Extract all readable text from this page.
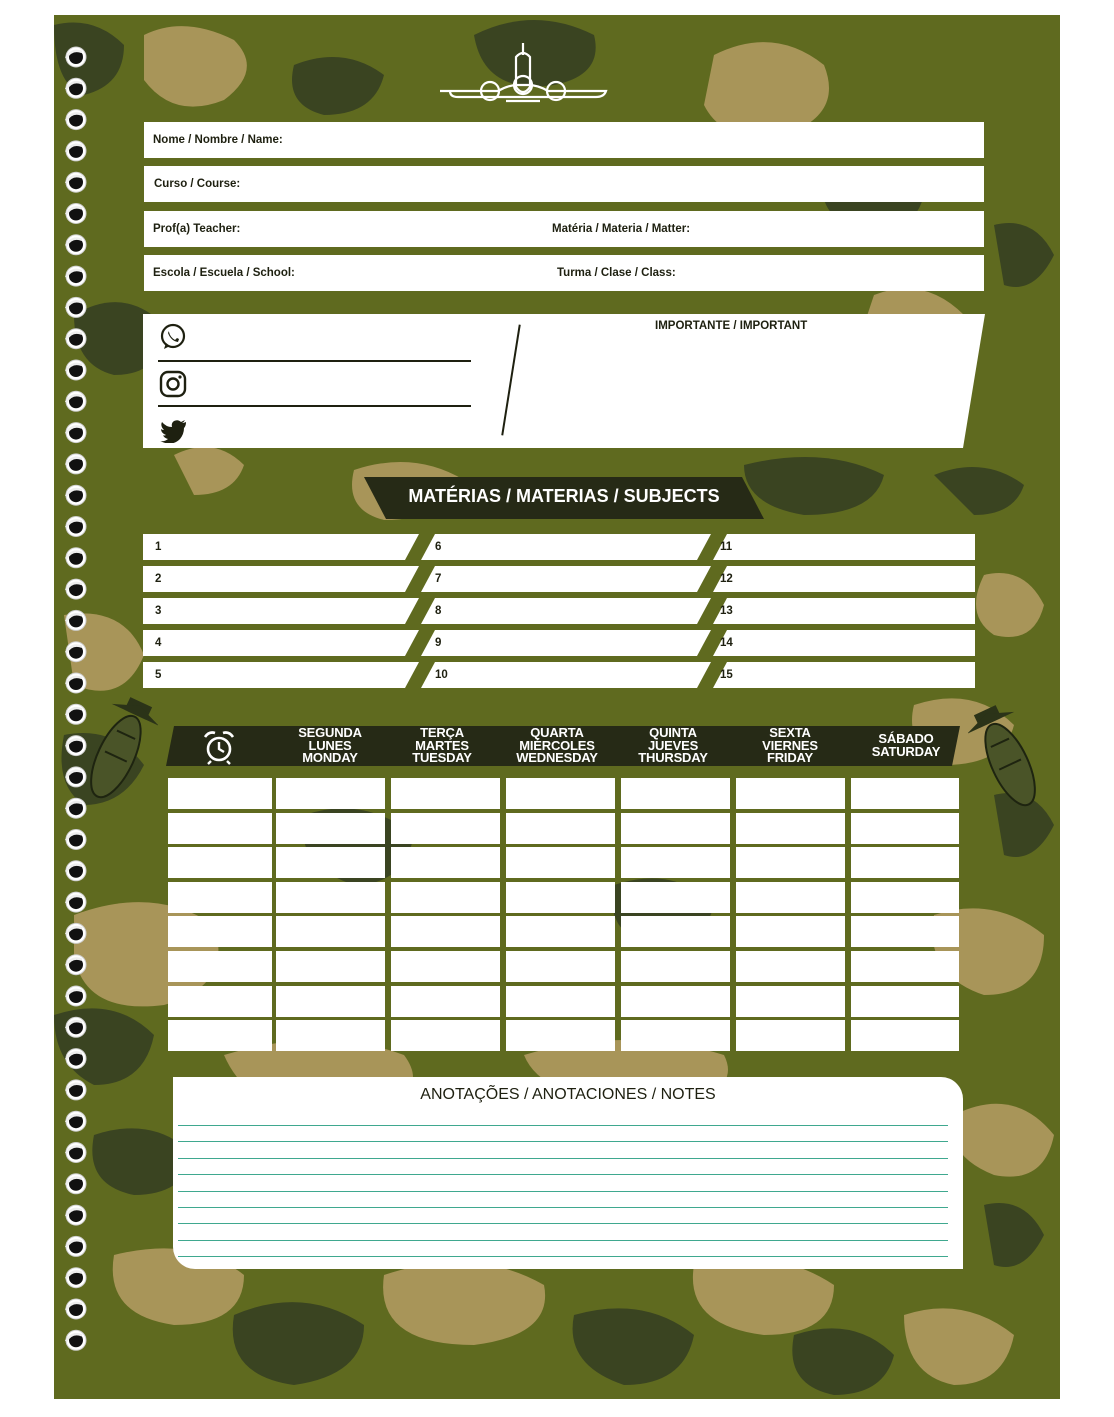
Nome / Nombre / Name:
Curso / Course:
Prof(a) Teacher:	Matéria / Materia / Matter:
Escola / Escuela / School:	Turma / Clase / Class:
IMPORTANTE / IMPORTANT
MATÉRIAS / MATERIAS / SUBJECTS
1
2
3
4
5
6
7
8
9
10
11
12
13
14
15
SEGUNDA
LUNES
MONDAY
TERÇA
MARTES
TUESDAY
QUARTA
MIÉRCOLES
WEDNESDAY
QUINTA
JUEVES
THURSDAY
SEXTA
VIERNES
FRIDAY
SÁBADO
SATURDAY
ANOTAÇÕES / ANOTACIONES / NOTES
